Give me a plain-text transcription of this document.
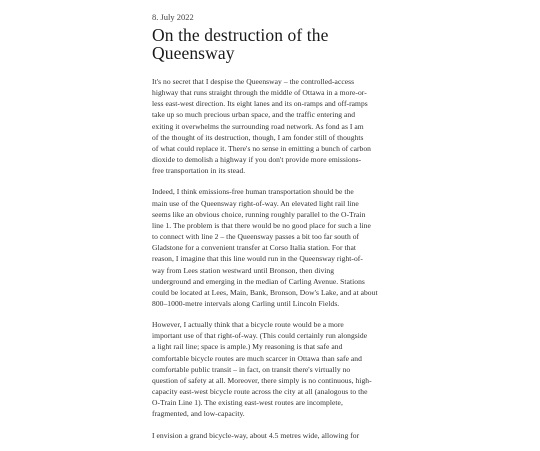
8. July 2022
On the destruction of the
Queensway

It's no secret that I despise the Queensway – the controlled-access
highway that runs straight through the middle of Ottawa in a more-or-
less east-west direction. Its eight lanes and its on-ramps and off-ramps
take up so much precious urban space, and the traffic entering and
exiting it overwhelms the surrounding road network. As fond as I am
of the thought of its destruction, though, I am fonder still of thoughts
of what could replace it. There's no sense in emitting a bunch of carbon
dioxide to demolish a highway if you don't provide more emissions-
free transportation in its stead.

Indeed, I think emissions-free human transportation should be the
main use of the Queensway right-of-way. An elevated light rail line
seems like an obvious choice, running roughly parallel to the O-Train
line 1. The problem is that there would be no good place for such a line
to connect with line 2 – the Queensway passes a bit too far south of
Gladstone for a convenient transfer at Corso Italia station. For that
reason, I imagine that this line would run in the Queensway right-of-
way from Lees station westward until Bronson, then diving
underground and emerging in the median of Carling Avenue. Stations
could be located at Lees, Main, Bank, Bronson, Dow's Lake, and at about
800–1000-metre intervals along Carling until Lincoln Fields.

However, I actually think that a bicycle route would be a more
important use of that right-of-way. (This could certainly run alongside
a light rail line; space is ample.) My reasoning is that safe and
comfortable bicycle routes are much scarcer in Ottawa than safe and
comfortable public transit – in fact, on transit there's virtually no
question of safety at all. Moreover, there simply is no continuous, high-
capacity east-west bicycle route across the city at all (analogous to the
O-Train Line 1). The existing east-west routes are incomplete,
fragmented, and low-capacity.

I envision a grand bicycle-way, about 4.5 metres wide, allowing for
